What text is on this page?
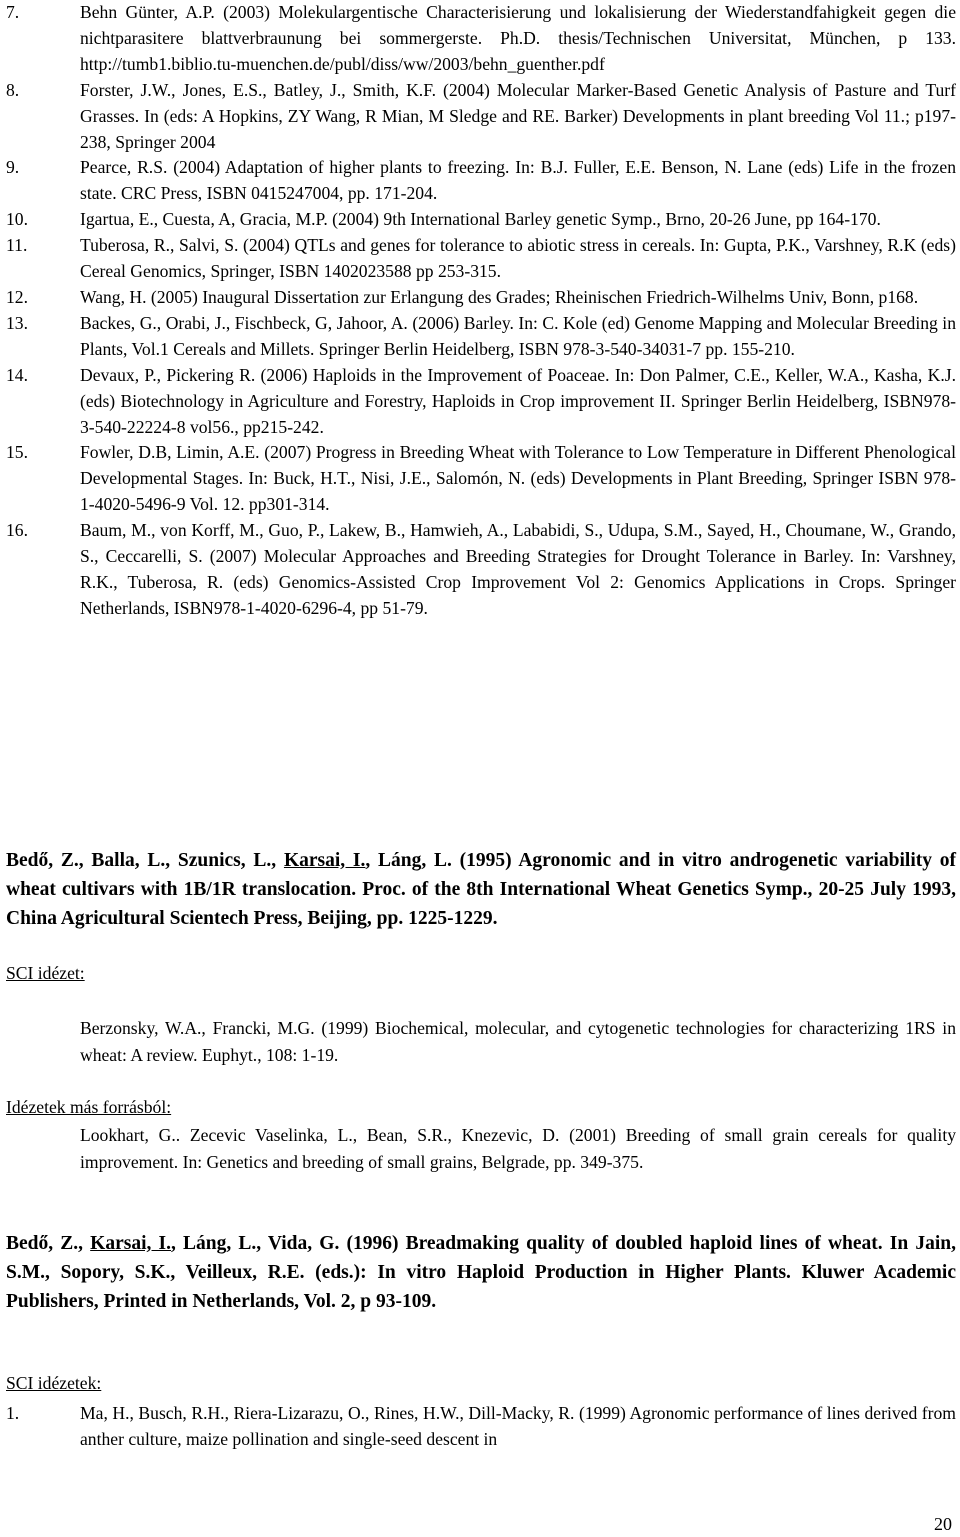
7.	Behn Günter, A.P. (2003) Molekulargentische Characterisierung und lokalisierung der Wiederstandfahigkeit gegen die nichtparasitere blattverbraunung bei sommergerste. Ph.D. thesis/Technischen Universitat, München, p 133. http://tumb1.biblio.tu-muenchen.de/publ/diss/ww/2003/behn_guenther.pdf
8.	Forster, J.W., Jones, E.S., Batley, J., Smith, K.F. (2004) Molecular Marker-Based Genetic Analysis of Pasture and Turf Grasses. In (eds: A Hopkins, ZY Wang, R Mian, M Sledge and RE. Barker) Developments in plant breeding Vol 11.; p197-238, Springer 2004
9.	Pearce, R.S. (2004) Adaptation of higher plants to freezing. In: B.J. Fuller, E.E. Benson, N. Lane (eds) Life in the frozen state. CRC Press, ISBN 0415247004, pp. 171-204.
10.	Igartua, E., Cuesta, A, Gracia, M.P. (2004) 9th International Barley genetic Symp., Brno, 20-26 June, pp 164-170.
11.	Tuberosa, R., Salvi, S. (2004) QTLs and genes for tolerance to abiotic stress in cereals. In: Gupta, P.K., Varshney, R.K (eds) Cereal Genomics, Springer, ISBN 1402023588 pp 253-315.
12.	Wang, H. (2005) Inaugural Dissertation zur Erlangung des Grades; Rheinischen Friedrich-Wilhelms Univ, Bonn, p168.
13.	Backes, G., Orabi, J., Fischbeck, G, Jahoor, A. (2006) Barley. In: C. Kole (ed) Genome Mapping and Molecular Breeding in Plants, Vol.1 Cereals and Millets. Springer Berlin Heidelberg, ISBN 978-3-540-34031-7 pp. 155-210.
14.	Devaux, P., Pickering R. (2006) Haploids in the Improvement of Poaceae. In: Don Palmer, C.E., Keller, W.A., Kasha, K.J. (eds) Biotechnology in Agriculture and Forestry, Haploids in Crop improvement II. Springer Berlin Heidelberg, ISBN978-3-540-22224-8 vol56., pp215-242.
15.	Fowler, D.B, Limin, A.E. (2007) Progress in Breeding Wheat with Tolerance to Low Temperature in Different Phenological Developmental Stages. In: Buck, H.T., Nisi, J.E., Salomón, N. (eds) Developments in Plant Breeding, Springer ISBN 978-1-4020-5496-9 Vol. 12. pp301-314.
16.	Baum, M., von Korff, M., Guo, P., Lakew, B., Hamwieh, A., Lababidi, S., Udupa, S.M., Sayed, H., Choumane, W., Grando, S., Ceccarelli, S. (2007) Molecular Approaches and Breeding Strategies for Drought Tolerance in Barley. In: Varshney, R.K., Tuberosa, R. (eds) Genomics-Assisted Crop Improvement Vol 2: Genomics Applications in Crops. Springer Netherlands, ISBN978-1-4020-6296-4, pp 51-79.
Bedő, Z., Balla, L., Szunics, L., Karsai, I., Láng, L. (1995) Agronomic and in vitro androgenetic variability of wheat cultivars with 1B/1R translocation. Proc. of the 8th International Wheat Genetics Symp., 20-25 July 1993, China Agricultural Scientech Press, Beijing, pp. 1225-1229.
SCI idézet:
Berzonsky, W.A., Francki, M.G. (1999) Biochemical, molecular, and cytogenetic technologies for characterizing 1RS in wheat: A review. Euphyt., 108: 1-19.
Idézetek más forrásból:
Lookhart, G.. Zecevic Vaselinka, L., Bean, S.R., Knezevic, D. (2001) Breeding of small grain cereals for quality improvement. In: Genetics and breeding of small grains, Belgrade, pp. 349-375.
Bedő, Z., Karsai, I., Láng, L., Vida, G. (1996) Breadmaking quality of doubled haploid lines of wheat. In Jain, S.M., Sopory, S.K., Veilleux, R.E. (eds.): In vitro Haploid Production in Higher Plants. Kluwer Academic Publishers, Printed in Netherlands, Vol. 2, p 93-109.
SCI idézetek:
1.	Ma, H., Busch, R.H., Riera-Lizarazu, O., Rines, H.W., Dill-Macky, R. (1999) Agronomic performance of lines derived from anther culture, maize pollination and single-seed descent in
20
